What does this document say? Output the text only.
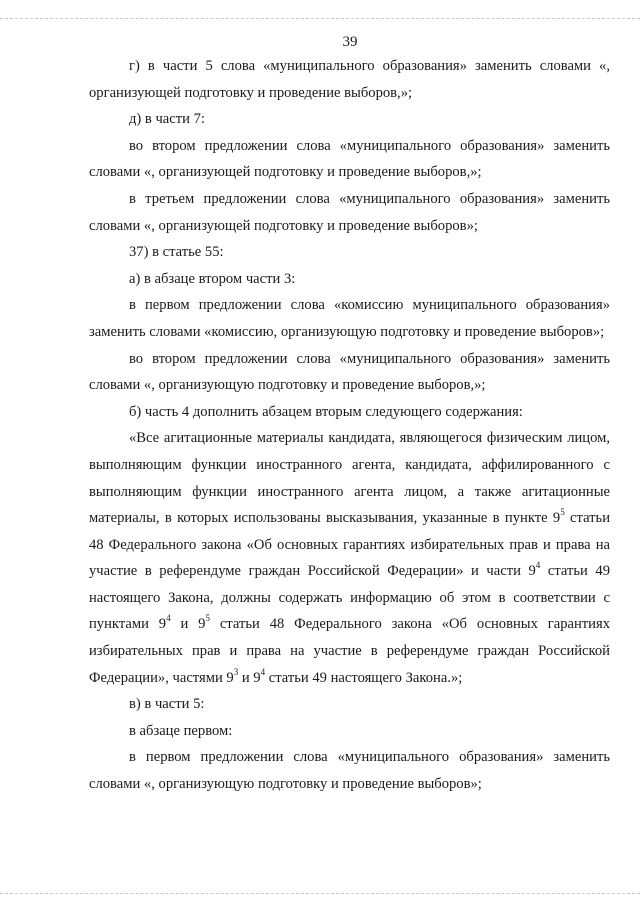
39

г) в части 5 слова «муниципального образования» заменить словами «, организующей подготовку и проведение выборов,»;

д) в части 7:

во втором предложении слова «муниципального образования» заменить словами «, организующей подготовку и проведение выборов,»;

в третьем предложении слова «муниципального образования» заменить словами «, организующей подготовку и проведение выборов»;

37) в статье 55:

а) в абзаце втором части 3:

в первом предложении слова «комиссию муниципального образования» заменить словами «комиссию, организующую подготовку и проведение выборов»;

во втором предложении слова «муниципального образования» заменить словами «, организующую подготовку и проведение выборов,»;

б) часть 4 дополнить абзацем вторым следующего содержания:

«Все агитационные материалы кандидата, являющегося физическим лицом, выполняющим функции иностранного агента, кандидата, аффилированного с выполняющим функции иностранного агента лицом, а также агитационные материалы, в которых использованы высказывания, указанные в пункте $9^5$ статьи 48 Федерального закона «Об основных гарантиях избирательных прав и права на участие в референдуме граждан Российской Федерации» и части $9^4$ статьи 49 настоящего Закона, должны содержать информацию об этом в соответствии с пунктами $9^4$ и $9^5$ статьи 48 Федерального закона «Об основных гарантиях избирательных прав и права на участие в референдуме граждан Российской Федерации», частями $9^3$ и $9^4$ статьи 49 настоящего Закона.»;

в) в части 5:

в абзаце первом:

в первом предложении слова «муниципального образования» заменить словами «, организующую подготовку и проведение выборов»;
